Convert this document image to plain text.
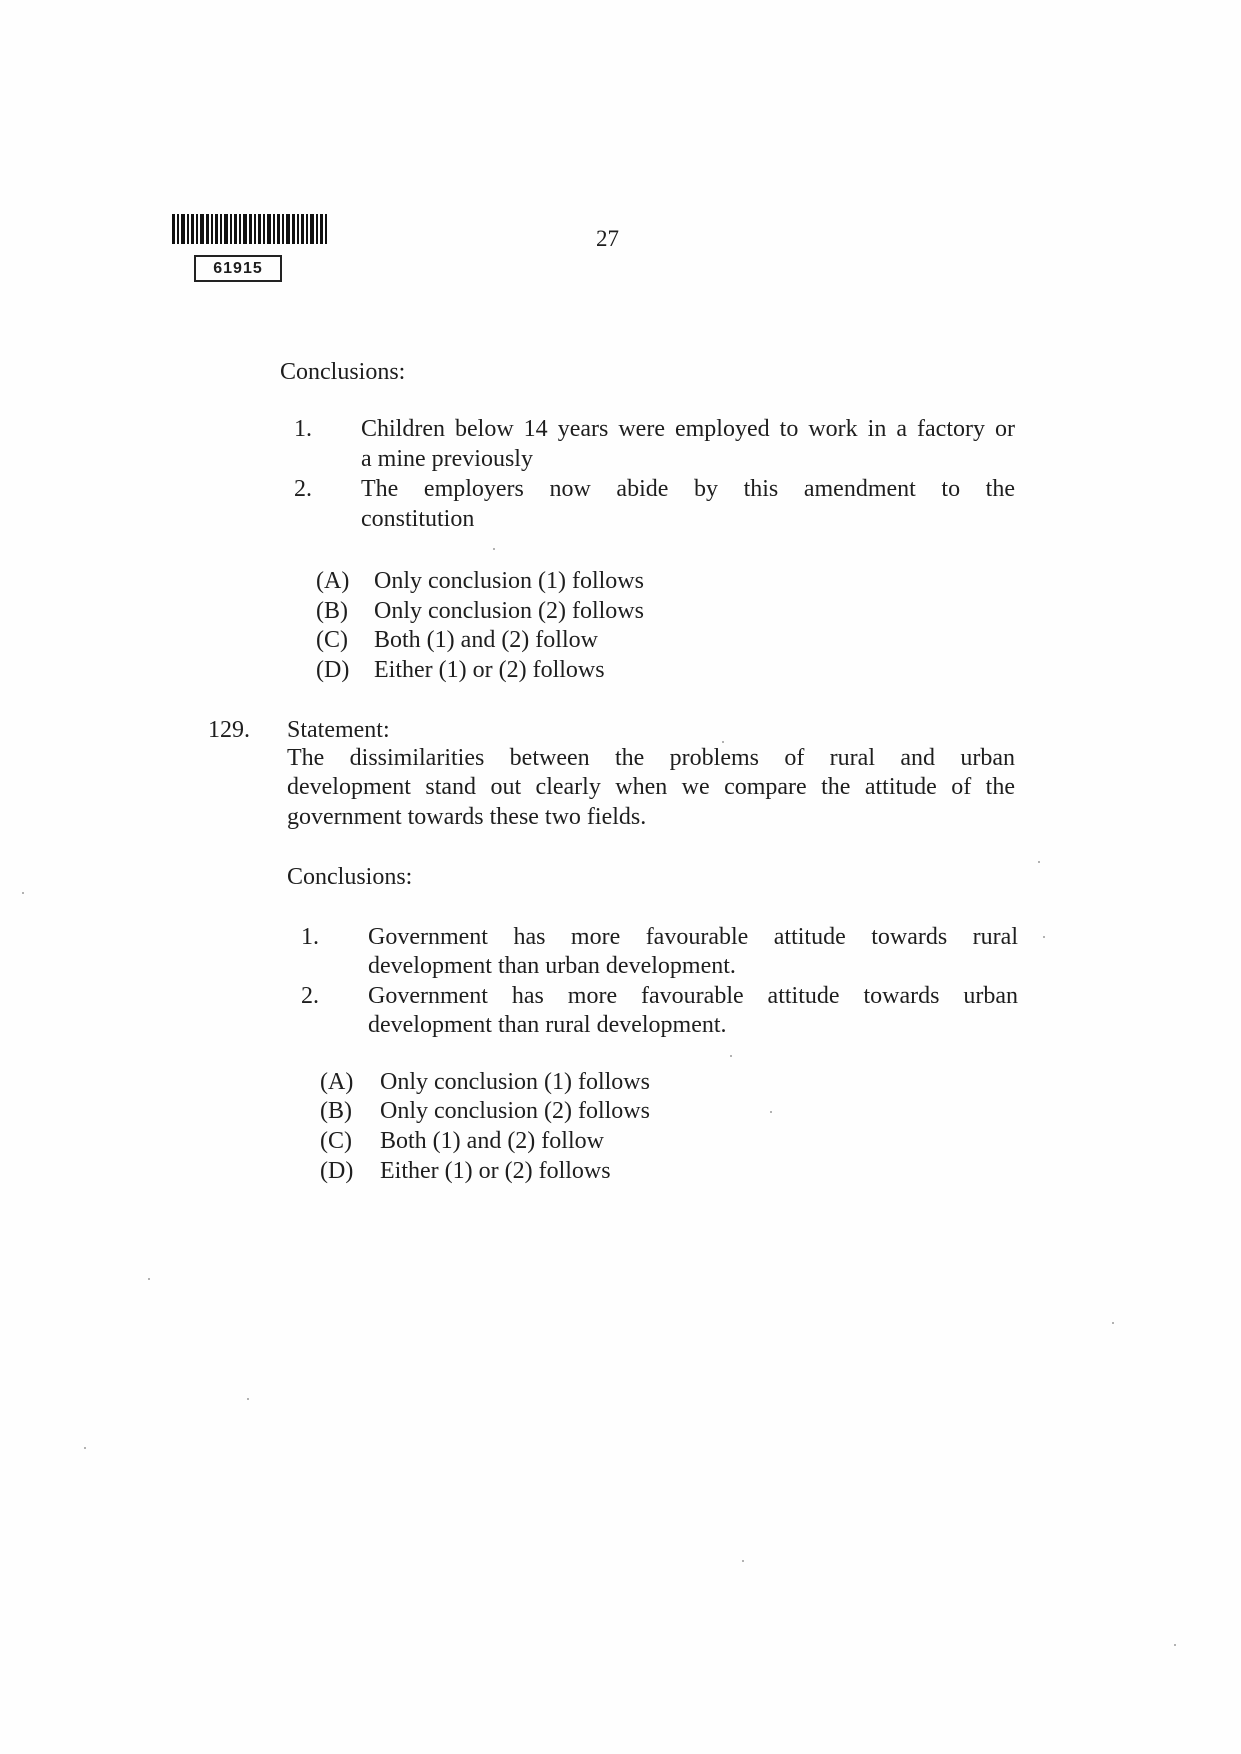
61915
27
Conclusions:
1. Children below 14 years were employed to work in a factory or
a mine previously
2. The employers now abide by this amendment to the
constitution
(A) Only conclusion (1) follows
(B) Only conclusion (2) follows
(C) Both (1) and (2) follow
(D) Either (1) or (2) follows
129. Statement:
The dissimilarities between the problems of rural and urban
development stand out clearly when we compare the attitude of the
government towards these two fields.
Conclusions:
1. Government has more favourable attitude towards rural
development than urban development.
2. Government has more favourable attitude towards urban
development than rural development.
(A) Only conclusion (1) follows
(B) Only conclusion (2) follows
(C) Both (1) and (2) follow
(D) Either (1) or (2) follows
